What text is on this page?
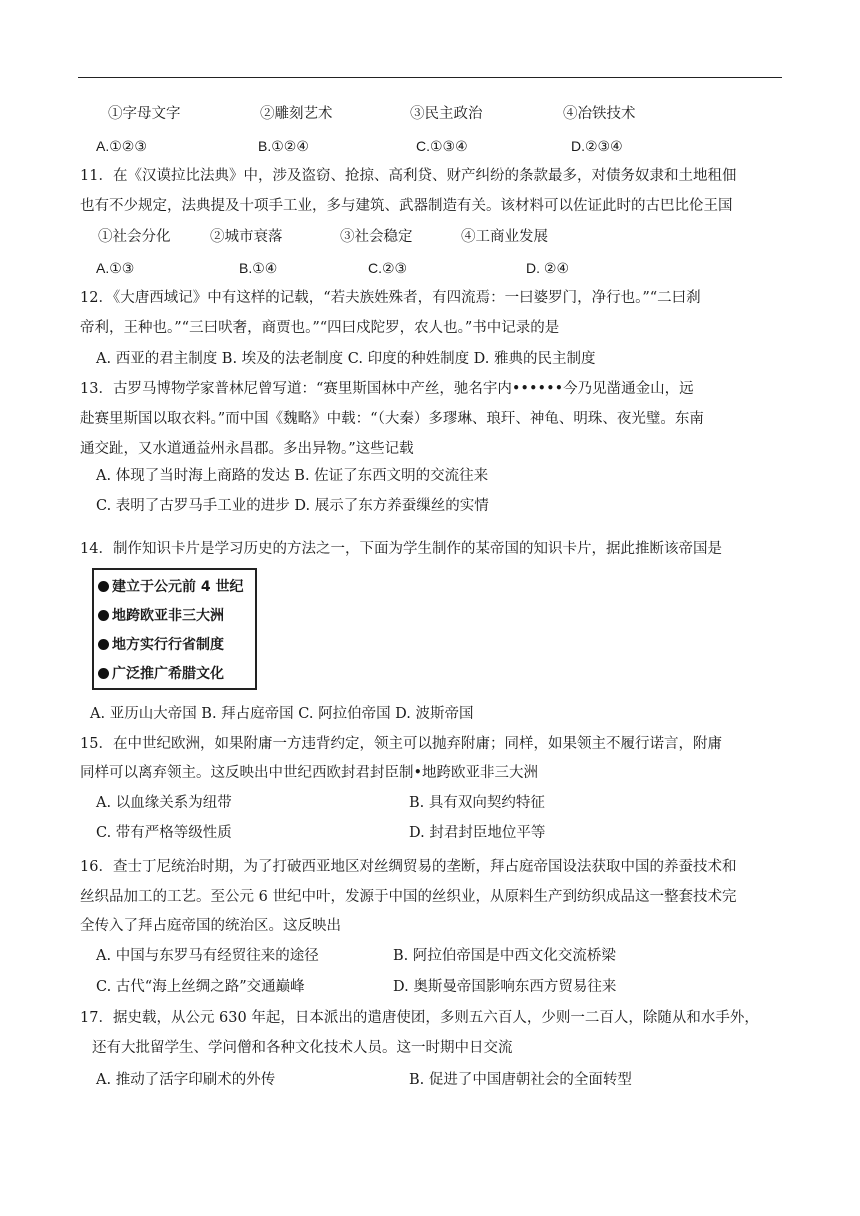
①字母文字	②雕刻艺术	③民主政治	④冶铁技术
A.①②③	B.①②④	C.①③④	D.②③④
11．在《汉谟拉比法典》中，涉及盗窃、抢掠、高利贷、财产纠纷的条款最多，对债务奴隶和土地租佃
也有不少规定，法典提及十项手工业，多与建筑、武器制造有关。该材料可以佐证此时的古巴比伦王国
①社会分化	②城市衰落	③社会稳定	④工商业发展
A.①③	B.①④	C.②③	D. ②④
12．《大唐西域记》中有这样的记载，“若夫族姓殊者，有四流焉：一曰婆罗门，净行也。”“二曰刹
帝利，王种也。”“三曰吠奢，商贾也。”“四曰戍陀罗，农人也。”书中记录的是
A. 西亚的君主制度 B. 埃及的法老制度 C. 印度的种姓制度 D. 雅典的民主制度
13．古罗马博物学家普林尼曾写道：“赛里斯国林中产丝，驰名宇内••••••今乃见凿通金山，远
赴赛里斯国以取衣料。”而中国《魏略》中载：“（大秦）多璆琳、琅玕、神龟、明珠、夜光璧。东南
通交趾，又水道通益州永昌郡。多出异物。”这些记载
A. 体现了当时海上商路的发达 B. 佐证了东西文明的交流往来
C. 表明了古罗马手工业的进步 D. 展示了东方养蚕缫丝的实情
14．制作知识卡片是学习历史的方法之一，下面为学生制作的某帝国的知识卡片，据此推断该帝国是
建立于公元前 4 世纪
地跨欧亚非三大洲
地方实行行省制度
广泛推广希腊文化
A. 亚历山大帝国 B. 拜占庭帝国 C. 阿拉伯帝国 D. 波斯帝国
15．在中世纪欧洲，如果附庸一方违背约定，领主可以抛弃附庸；同样，如果领主不履行诺言，附庸
同样可以离弃领主。这反映出中世纪西欧封君封臣制•地跨欧亚非三大洲
A. 以血缘关系为纽带	B. 具有双向契约特征
C. 带有严格等级性质	D. 封君封臣地位平等
16．查士丁尼统治时期，为了打破西亚地区对丝绸贸易的垄断，拜占庭帝国设法获取中国的养蚕技术和
丝织品加工的工艺。至公元 6 世纪中叶，发源于中国的丝织业，从原料生产到纺织成品这一整套技术完
全传入了拜占庭帝国的统治区。这反映出
A. 中国与东罗马有经贸往来的途径	B. 阿拉伯帝国是中西文化交流桥梁
C. 古代“海上丝绸之路”交通巅峰	D. 奥斯曼帝国影响东西方贸易往来
17．据史载，从公元 630 年起，日本派出的遣唐使团，多则五六百人，少则一二百人，除随从和水手外，
还有大批留学生、学问僧和各种文化技术人员。这一时期中日交流
A. 推动了活字印刷术的外传	B. 促进了中国唐朝社会的全面转型
